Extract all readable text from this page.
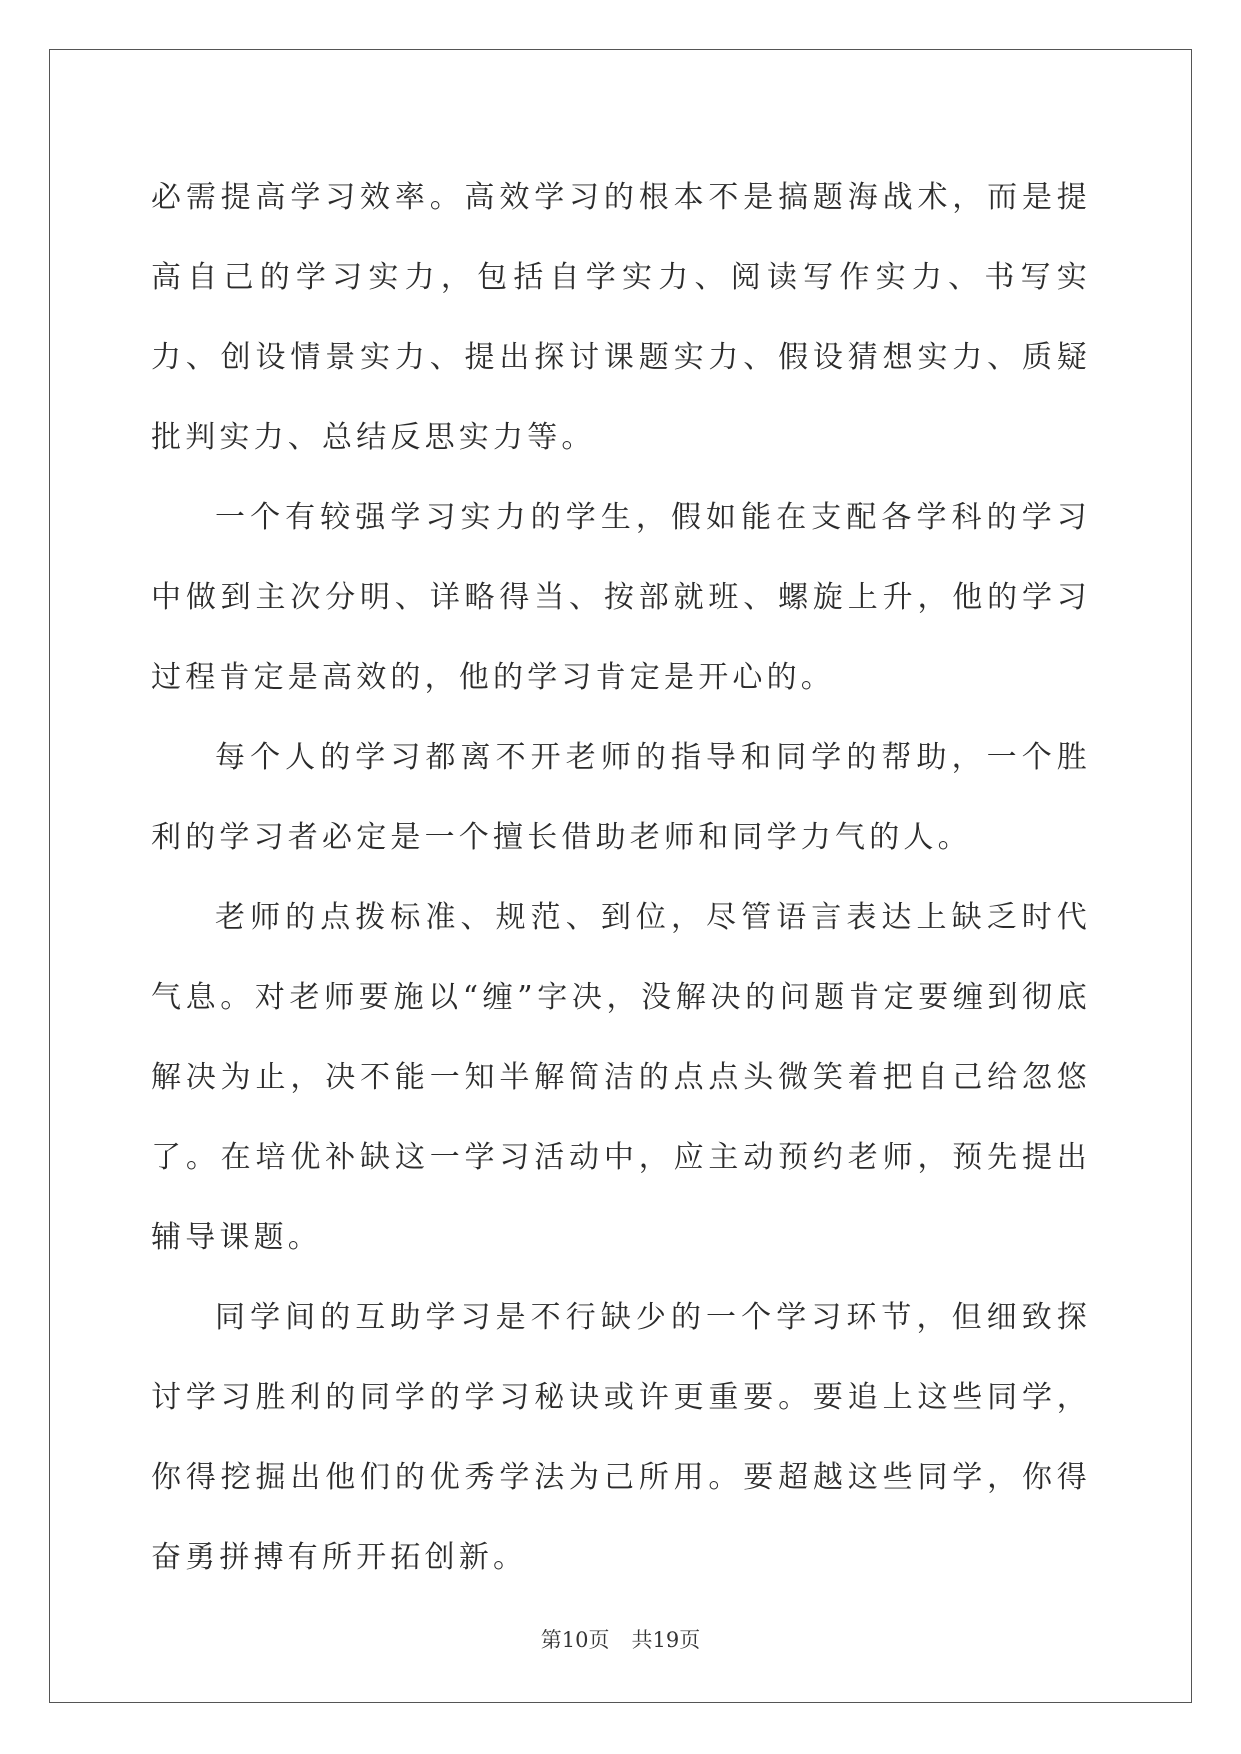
必需提高学习效率。高效学习的根本不是搞题海战术，而是提高自己的学习实力，包括自学实力、阅读写作实力、书写实力、创设情景实力、提出探讨课题实力、假设猜想实力、质疑批判实力、总结反思实力等。

一个有较强学习实力的学生，假如能在支配各学科的学习中做到主次分明、详略得当、按部就班、螺旋上升，他的学习过程肯定是高效的，他的学习肯定是开心的。

每个人的学习都离不开老师的指导和同学的帮助，一个胜利的学习者必定是一个擅长借助老师和同学力气的人。

老师的点拨标准、规范、到位，尽管语言表达上缺乏时代气息。对老师要施以“缠”字决，没解决的问题肯定要缠到彻底解决为止，决不能一知半解简洁的点点头微笑着把自己给忽悠了。在培优补缺这一学习活动中，应主动预约老师，预先提出辅导课题。

同学间的互助学习是不行缺少的一个学习环节，但细致探讨学习胜利的同学的学习秘诀或许更重要。要追上这些同学，你得挖掘出他们的优秀学法为己所用。要超越这些同学，你得奋勇拼搏有所开拓创新。

第10页 共19页
